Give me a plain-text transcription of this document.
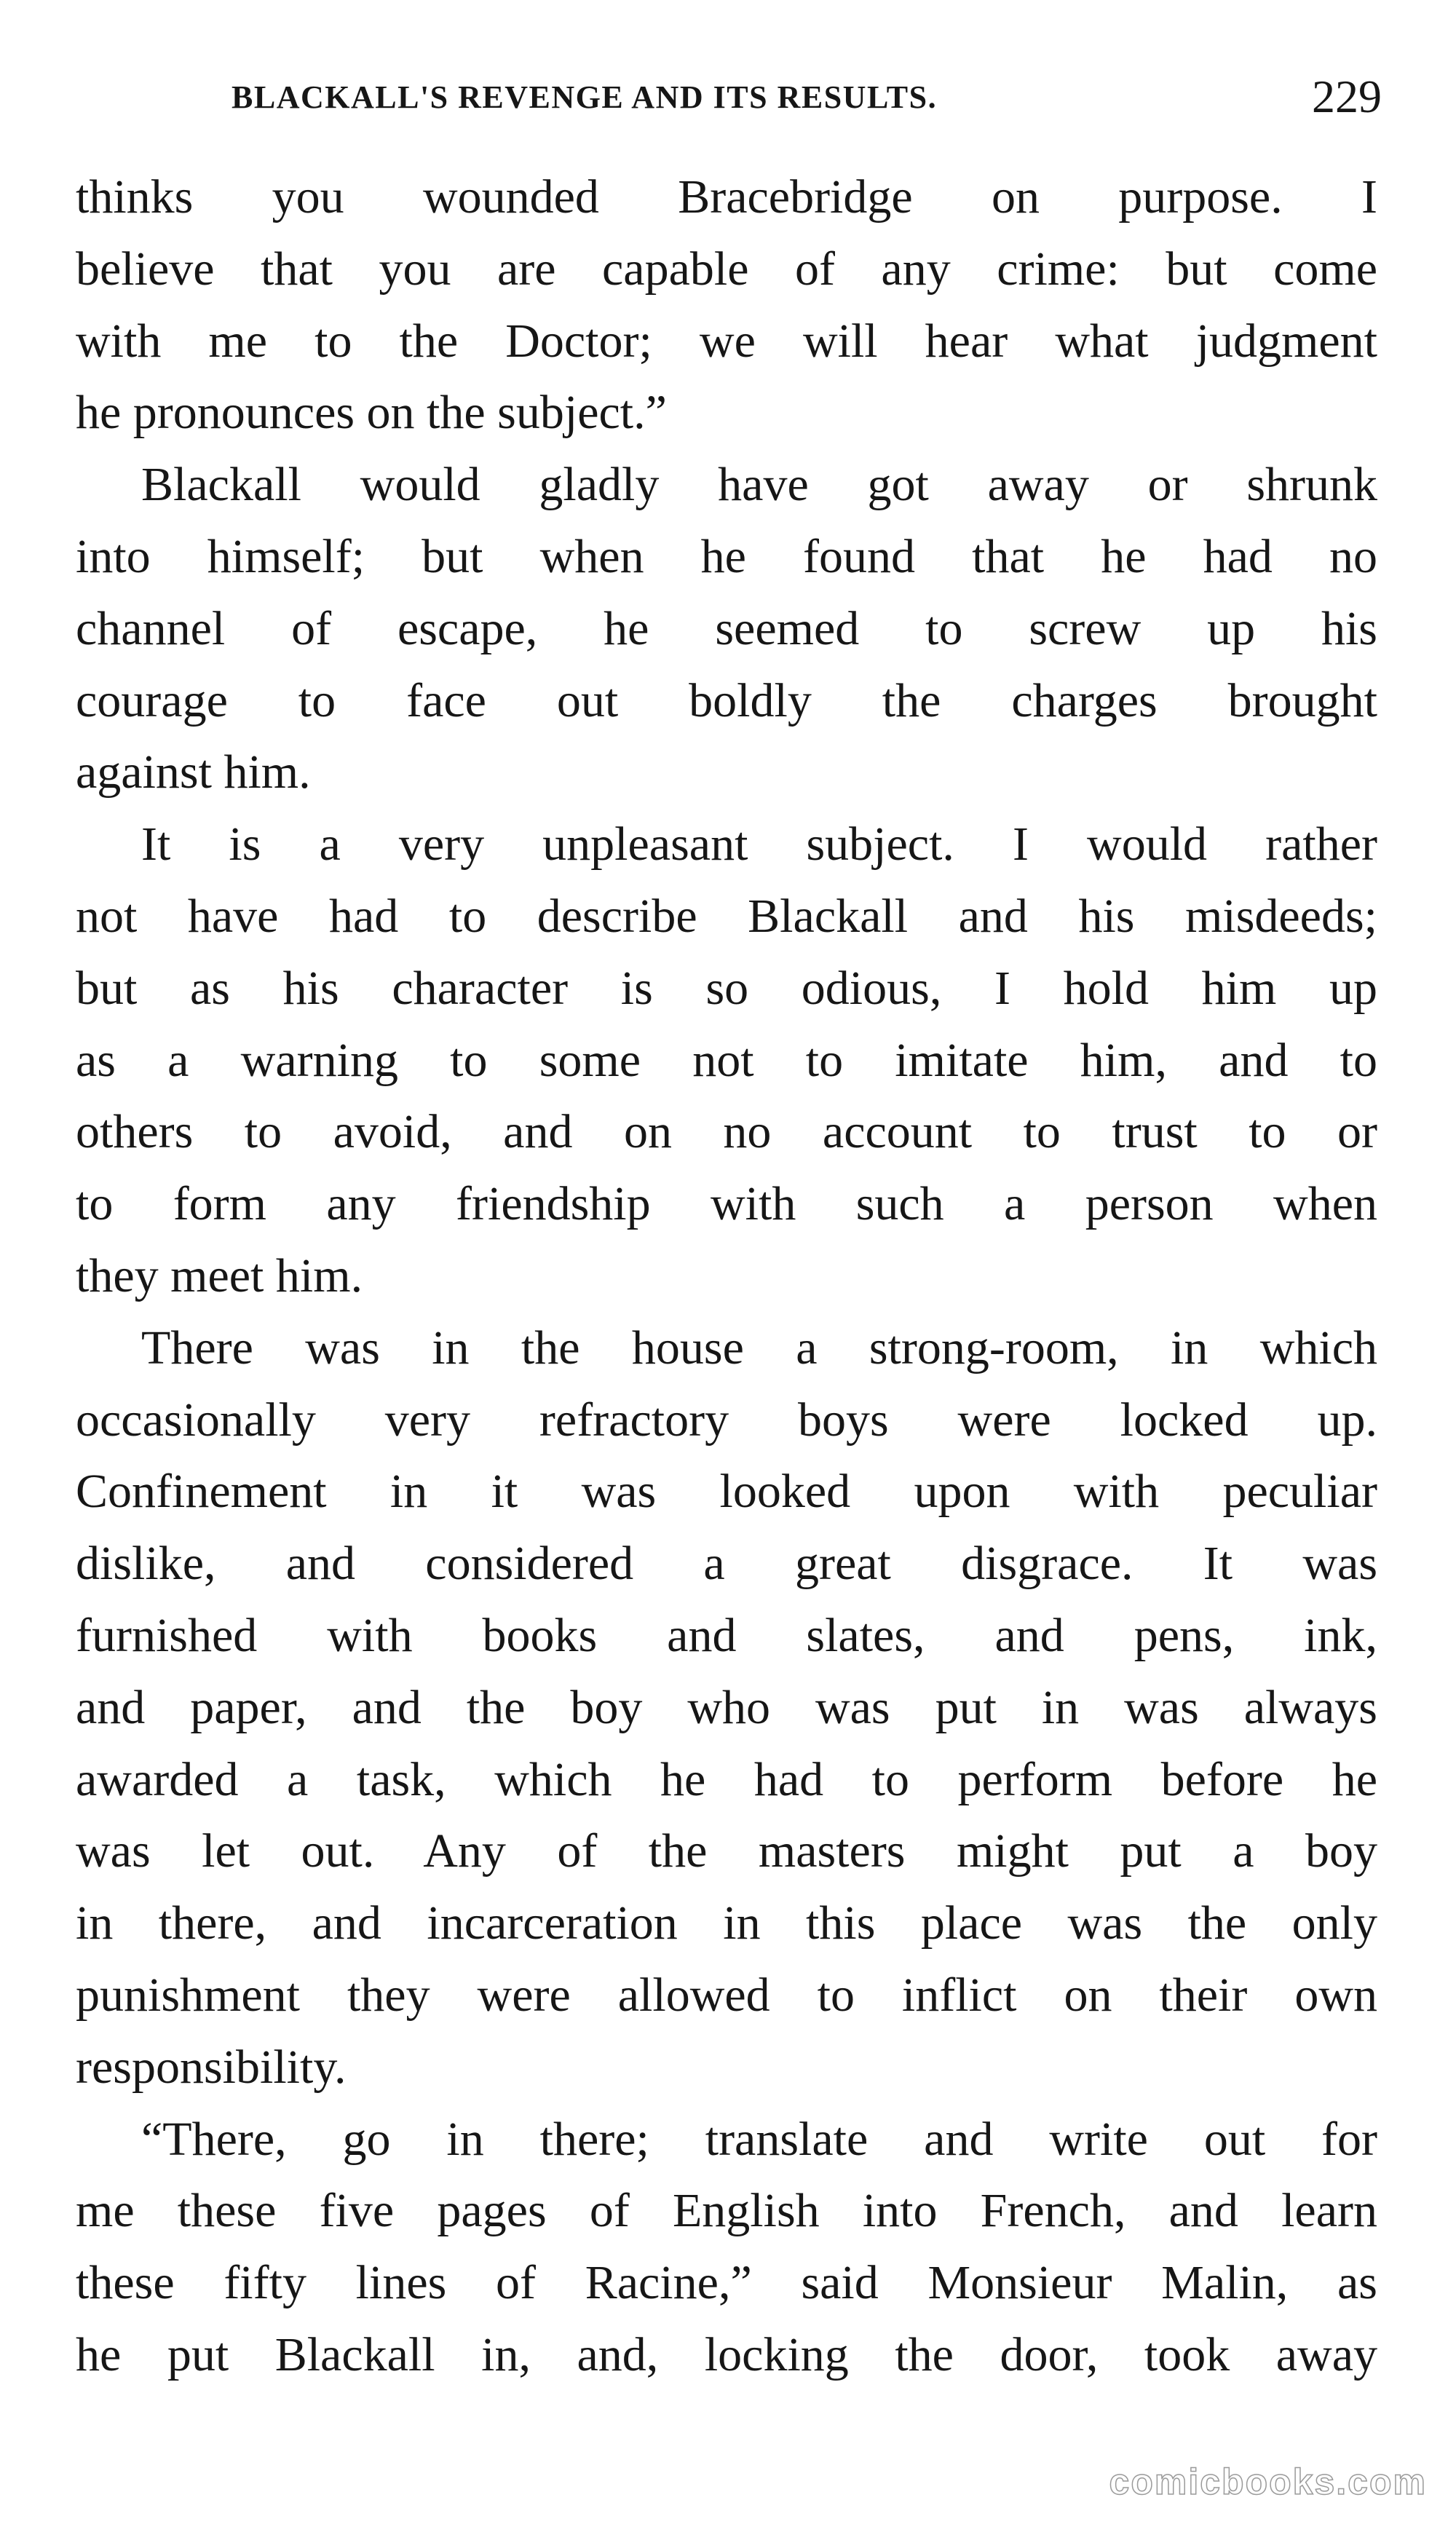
BLACKALL'S REVENGE AND ITS RESULTS.	229
thinks you wounded Bracebridge on purpose. I
believe that you are capable of any crime: but come
with me to the Doctor; we will hear what judgment
he pronounces on the subject.”
Blackall would gladly have got away or shrunk
into himself; but when he found that he had no
channel of escape, he seemed to screw up his
courage to face out boldly the charges brought
against him.
It is a very unpleasant subject. I would rather
not have had to describe Blackall and his misdeeds;
but as his character is so odious, I hold him up
as a warning to some not to imitate him, and to
others to avoid, and on no account to trust to or
to form any friendship with such a person when
they meet him.
There was in the house a strong-room, in which
occasionally very refractory boys were locked up.
Confinement in it was looked upon with peculiar
dislike, and considered a great disgrace. It was
furnished with books and slates, and pens, ink,
and paper, and the boy who was put in was always
awarded a task, which he had to perform before he
was let out. Any of the masters might put a boy
in there, and incarceration in this place was the only
punishment they were allowed to inflict on their own
responsibility.
“There, go in there; translate and write out for
me these five pages of English into French, and learn
these fifty lines of Racine,” said Monsieur Malin, as
he put Blackall in, and, locking the door, took away
comicbooks.com
